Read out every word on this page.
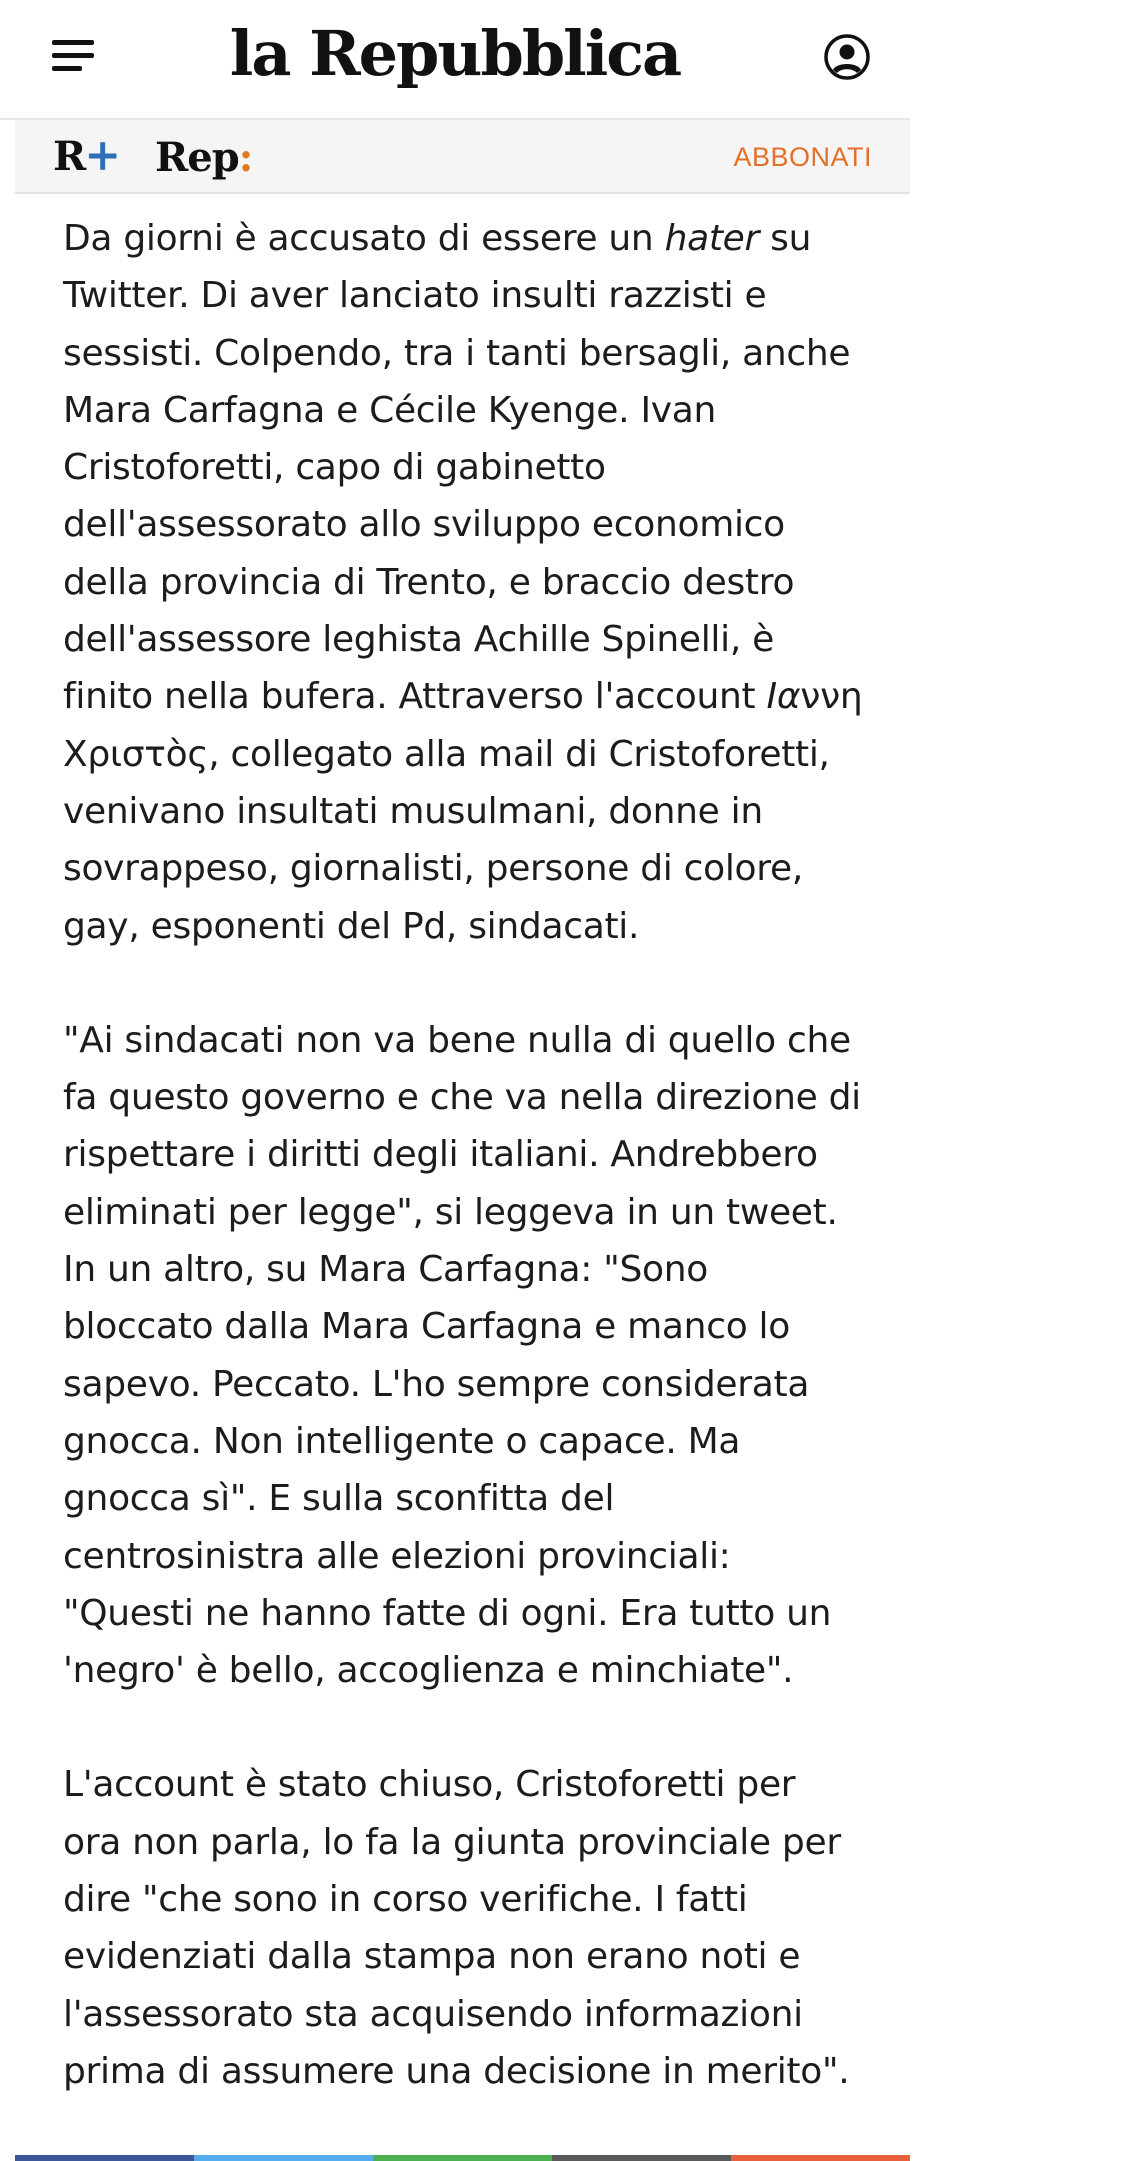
la Repubblica
R+ Rep:	ABBONATI

Da giorni è accusato di essere un hater su Twitter. Di aver lanciato insulti razzisti e sessisti. Colpendo, tra i tanti bersagli, anche Mara Carfagna e Cécile Kyenge. Ivan Cristoforetti, capo di gabinetto dell'assessorato allo sviluppo economico della provincia di Trento, e braccio destro dell'assessore leghista Achille Spinelli, è finito nella bufera. Attraverso l'account Ιαννη Χριστὸς, collegato alla mail di Cristoforetti, venivano insultati musulmani, donne in sovrappeso, giornalisti, persone di colore, gay, esponenti del Pd, sindacati.

"Ai sindacati non va bene nulla di quello che fa questo governo e che va nella direzione di rispettare i diritti degli italiani. Andrebbero eliminati per legge", si leggeva in un tweet. In un altro, su Mara Carfagna: "Sono bloccato dalla Mara Carfagna e manco lo sapevo. Peccato. L'ho sempre considerata gnocca. Non intelligente o capace. Ma gnocca sì". E sulla sconfitta del centrosinistra alle elezioni provinciali: "Questi ne hanno fatte di ogni. Era tutto un 'negro' è bello, accoglienza e minchiate".

L'account è stato chiuso, Cristoforetti per ora non parla, lo fa la giunta provinciale per dire "che sono in corso verifiche. I fatti evidenziati dalla stampa non erano noti e l'assessorato sta acquisendo informazioni prima di assumere una decisione in merito".
